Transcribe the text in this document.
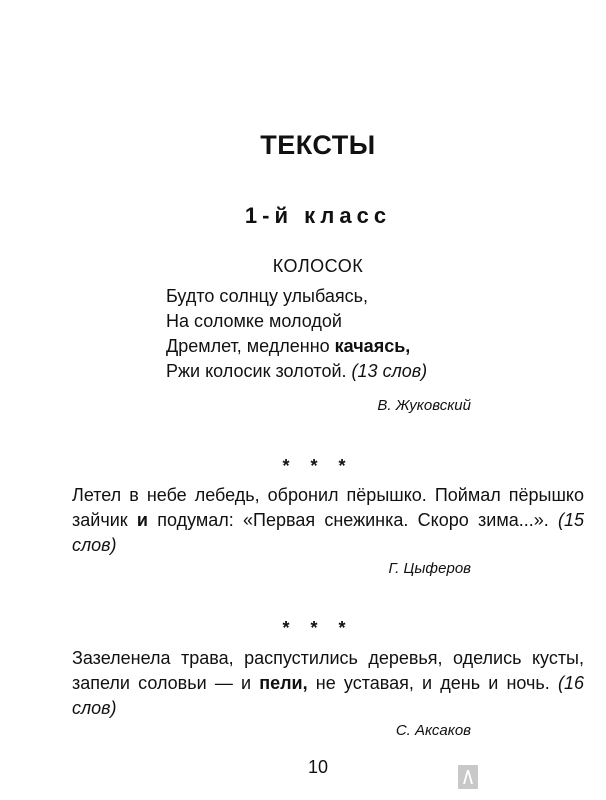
ТЕКСТЫ
1-й класс
КОЛОСОК
Будто солнцу улыбаясь,
На соломке молодой
Дремлет, медленно качаясь,
Ржи колосик золотой. (13 слов)
В. Жуковский
* * *
Летел в небе лебедь, обронил пёрышко. Поймал пёрышко зайчик и подумал: «Первая снежинка. Скоро зима...». (15 слов)
Г. Цыферов
* * *
Зазеленела трава, распустились деревья, оделись кусты, запели соловьи — и пели, не уставая, и день и ночь. (16 слов)
С. Аксаков
10
